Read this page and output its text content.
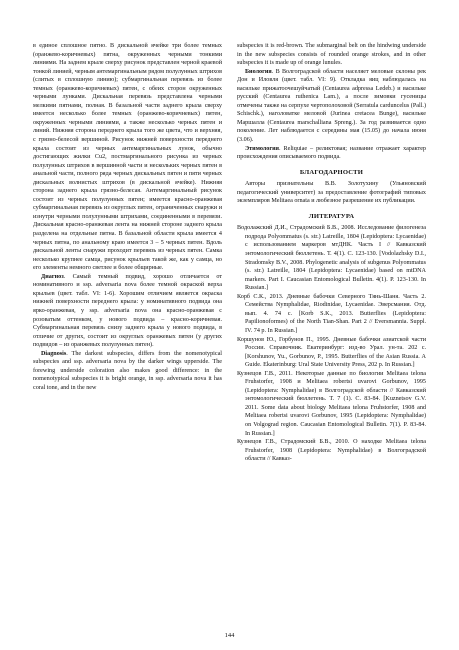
в единое сплошное пятно. В дискальной ячейке три более темных (оранжево-коричневых) пятна, окруженных черными тонкими линиями. На заднем крыле сверху рисунок представлен черной краевой тонкой линией, черным антемаргинальным рядом полулунных штрихов (слитых в сплошную линию); субмаргинальная перевязь из более темных (оранжево-коричневых) пятен, с обеих сторон окруженных черными лунками. Дискальная перевязь представлена черными мелкими пятнами, полная. В базальной части заднего крыла сверху имеется несколько более темных (оранжево-коричневых) пятен, окруженных черными линиями, а также несколько черных пятен и линий. Нижняя сторона переднего крыла того же цвета, что и верхняя, с грязно-белесой вершиной. Рисунок нижней поверхности переднего крыла состоит из черных антемаргинальных лунок, обычно достигающих жилки Cu2, постмаргинального рисунка из черных полулунных штрихов в вершинной части и нескольких черных пятен в анальной части, полного ряда черных дискальных пятен и пяти черных дискальных волнистых штрихов (в дискальной ячейке). Нижняя сторона заднего крыла грязно-белесая. Антемаргинальный рисунок состоит из черных полулунных пятен; имеется красно-оранжевая субмаргинальная перевязь из округлых пятен, ограниченных снаружи и изнутри черными полулунными штрихами, соединенными в перевязи. Дискальная красно-оранжевая лента на нижней стороне заднего крыла разделена на отдельные пятна. В базальной области крыла имеется 4 черных пятна, по анальному краю имеется 3 – 5 черных пятен. Вдоль дискальной ленты снаружи проходит перевязь из черных пятен. Самка несколько крупнее самца, рисунок крыльев такой же, как у самца, но его элементы немного светлее и более общирные.

Диагноз. Самый темный подвид, хорошо отличается от номинативного и ssp. adversaria nova более темной окраской верха крыльев (цвет. табл. VI: 1-6). Хорошим отличием является окраска нижней поверхности переднего крыла: у номинативного подвида она ярко-оранжевая, у ssp. adversaria nova она красно-оранжевая с розоватым оттенком, у нового подвида – красно-коричневая. Субмаргинальная перевязь снизу заднего крыла у нового подвида, в отличие от других, состоит из округлых оранжевых пятен (у других подвидов – из оранжевых полулунных пятен).

Diagnosis. The darkest subspecies, differs from the nomenotypical subspecies and ssp. adversaria nova by the darker wings upperside. The forewing underside coloration also makes good difference: in the nomenotypical subspecies it is bright orange, in ssp. adversaria nova it has coral tone, and in the new

subspecies it is red-brown. The submarginal belt on the hindwing underside in the new subspecies consists of rounded orange strokes, and in other subspecies it is made up of orange lunules.

Биология. В Волгоградской области населяет меловые склоны рек Дон и Иловля (цвет. табл. VI: 9). Откладка яиц наблюдалась на васильке прижатоочешуйчатый (Centaurea adpressa Ledeb.) и васильке русский (Centaurea ruthenica Lam.), а после зимовки гусеницы отмечены также на серпухе чертополоховой (Serratula carduncelus (Pall.) Schischk.), наголоватке меловой (Jurinea cretacea Bunge), васильке Маршалла (Centaurea marschalliana Spreng.). За год развивается одно поколение. Лет наблюдается с середины мая (15.05) до начала июня (3.06).

Этимология. Reliquiae – реликтовая; название отражает характер происхождения описываемого подвида.

БЛАГОДАРНОСТИ

Авторы признательны В.В. Золотухину (Ульяновский педагогический университет) за предоставление фотографий типовых экземпляров Melitaea ornata и любезное разрешение их публикации.

ЛИТЕРАТУРА

Водолажский Д.И., Страдомский Б.В., 2008. Исследование филогенеза подрода Polyommatus (s. str.) Latreille, 1804 (Lepidoptera: Lycaenidae) с использованием маркеров мтДНК. Часть I // Кавказский энтомологический бюллетень. Т. 4(1). С. 123-130. [Vodolazhsky D.I., Stradomsky B.V., 2008. Phylogenetic analysis of subgenus Polyommatus (s. str.) Latreille, 1804 (Lepidoptera: Lycaenidae) based on mtDNA markers. Part I. Caucasian Entomological Bulletin. 4(1). P. 123-130. In Russian.]

Корб С.К., 2013. Дневные бабочки Северного Тянь-Шаня. Часть 2. Семейства Nymphalidae, Riodinidae, Lycaenidae. Эверсмания. Отд. вып. 4. 74 с. [Korb S.K., 2013. Butterflies (Lepidoptera: Papilionoformes) of the North Tian-Shan. Part 2 // Eversmannia. Suppl. IV. 74 p. In Russian.]

Коршунов Ю., Горбунов П., 1995. Дневные бабочки азиатской части России. Справочник. Екатеринбург: изд-во Урал. ун-та. 202 с. [Korshunov, Yu., Gorbunov, P., 1995. Butterflies of the Asian Russia. A Guide. Ekaterinburg: Ural State University Press, 202 p. In Russian.]

Кузнецов Г.В., 2011. Некоторые данные по биологии Melitaea telona Fruhstorfer, 1908 и Melitaea robertsi uvarovi Gorbunov, 1995 (Lepidoptera: Nymphalidae) в Волгоградской области // Кавказский энтомологический бюллетень. Т. 7 (1). С. 83-84. [Kuznetsov G.V. 2011. Some data about biology Melitaea telona Fruhstorfer, 1908 and Melitaea robertsi uvarovi Gorbunov, 1995 (Lepidoptera: Nymphalidae) on Volgograd region. Caucasian Entomological Bulletin. 7(1). P. 83-84. In Russian.]

Кузнецов Г.В., Страдомский Б.В., 2010. О находке Melitaea telona Fruhstorfer, 1908 (Lepidoptera: Nymphalidae) в Волгоградской области // Кавказ-

144
